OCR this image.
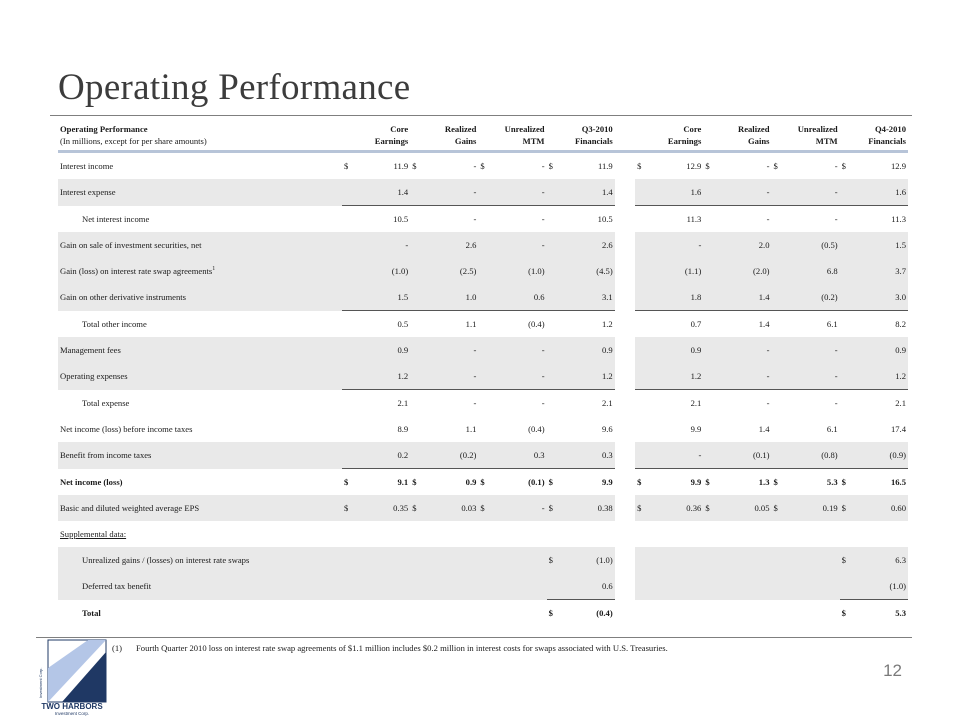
Operating Performance
Operating Performance	Core		Realized		Unrealized		Q3-2010			Core		Realized		Unrealized		Q4-2010	
(In millions, except for per share amounts)	Earnings		Gains		MTM		Financials			Earnings		Gains		MTM		Financials	
Interest income	$	11.9	$	-	$	-	$	11.9		$	12.9	$	-	$	-	$	12.9
Interest expense		1.4		-		-		1.4			1.6		-		-		1.6
Net interest income		10.5		-		-		10.5			11.3		-		-		11.3
Gain on sale of investment securities, net		-		2.6		-		2.6			-		2.0		(0.5)		1.5
Gain (loss) on interest rate swap agreements$^1$		(1.0)		(2.5)		(1.0)		(4.5)			(1.1)		(2.0)		6.8		3.7
Gain on other derivative instruments		1.5		1.0		0.6		3.1			1.8		1.4		(0.2)		3.0
Total other income		0.5		1.1		(0.4)		1.2			0.7		1.4		6.1		8.2
Management fees		0.9		-		-		0.9			0.9		-		-		0.9
Operating expenses		1.2		-		-		1.2			1.2		-		-		1.2
Total expense		2.1		-		-		2.1			2.1		-		-		2.1
Net income (loss) before income taxes		8.9		1.1		(0.4)		9.6			9.9		1.4		6.1		17.4
Benefit from income taxes		0.2		(0.2)		0.3		0.3			-		(0.1)		(0.8)		(0.9)
Net income (loss)	$	9.1	$	0.9	$	(0.1)	$	9.9		$	9.9	$	1.3	$	5.3	$	16.5
Basic and diluted weighted average EPS	$	0.35	$	0.03	$	-	$	0.38		$	0.36	$	0.05	$	0.19	$	0.60
Supplemental data:																	
Unrealized gains / (losses) on interest rate swaps							$	(1.0)								$	6.3
Deferred tax benefit								0.6									(1.0)
Total							$	(0.4)								$	5.3
(1) Fourth Quarter 2010 loss on interest rate swap agreements of $1.1 million includes $0.2 million in interest costs for swaps associated with U.S. Treasuries.
12
Investment Corp.
TWO HARBORS
Investment Corp.
